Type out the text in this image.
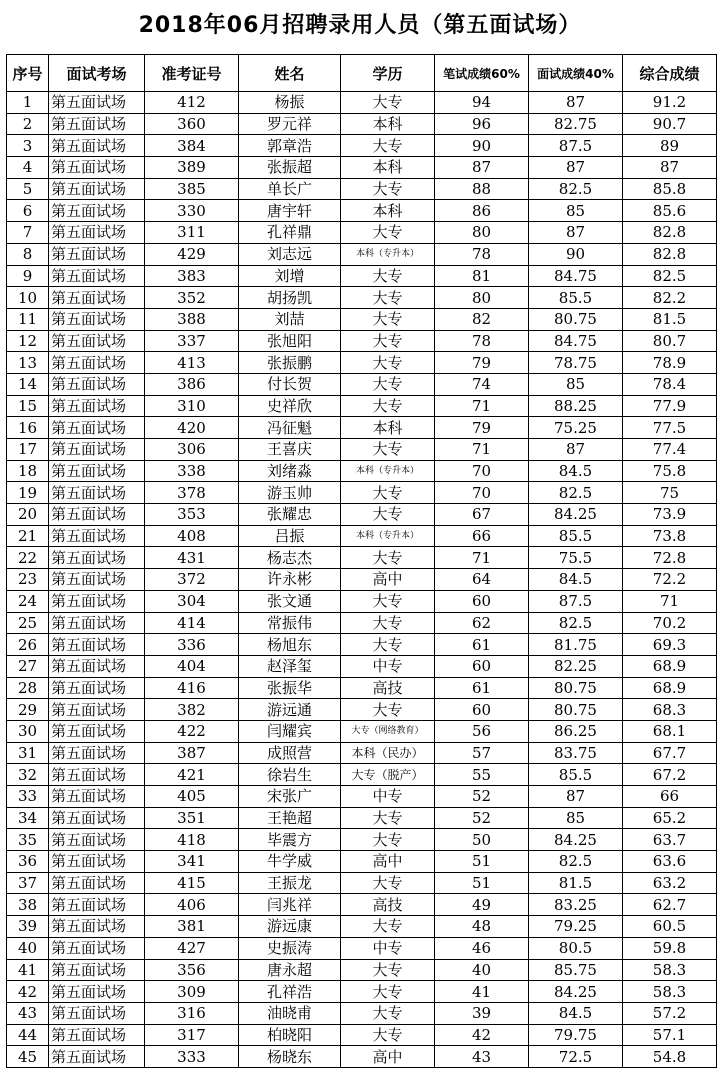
2018年06月招聘录用人员（第五面试场）
序号	面试考场	准考证号	姓名	学历	笔试成绩60%	面试成绩40%	综合成绩
1	第五面试场	412	杨振	大专	94	87	91.2
2	第五面试场	360	罗元祥	本科	96	82.75	90.7
3	第五面试场	384	郭章浩	大专	90	87.5	89
4	第五面试场	389	张振超	本科	87	87	87
5	第五面试场	385	单长广	大专	88	82.5	85.8
6	第五面试场	330	唐宇轩	本科	86	85	85.6
7	第五面试场	311	孔祥鼎	大专	80	87	82.8
8	第五面试场	429	刘志远	本科（专升本）	78	90	82.8
9	第五面试场	383	刘增	大专	81	84.75	82.5
10	第五面试场	352	胡扬凯	大专	80	85.5	82.2
11	第五面试场	388	刘喆	大专	82	80.75	81.5
12	第五面试场	337	张旭阳	大专	78	84.75	80.7
13	第五面试场	413	张振鹏	大专	79	78.75	78.9
14	第五面试场	386	付长贺	大专	74	85	78.4
15	第五面试场	310	史祥欣	大专	71	88.25	77.9
16	第五面试场	420	冯征魁	本科	79	75.25	77.5
17	第五面试场	306	王喜庆	大专	71	87	77.4
18	第五面试场	338	刘绪淼	本科（专升本）	70	84.5	75.8
19	第五面试场	378	游玉帅	大专	70	82.5	75
20	第五面试场	353	张耀忠	大专	67	84.25	73.9
21	第五面试场	408	吕振	本科（专升本）	66	85.5	73.8
22	第五面试场	431	杨志杰	大专	71	75.5	72.8
23	第五面试场	372	许永彬	高中	64	84.5	72.2
24	第五面试场	304	张文通	大专	60	87.5	71
25	第五面试场	414	常振伟	大专	62	82.5	70.2
26	第五面试场	336	杨旭东	大专	61	81.75	69.3
27	第五面试场	404	赵泽玺	中专	60	82.25	68.9
28	第五面试场	416	张振华	高技	61	80.75	68.9
29	第五面试场	382	游远通	大专	60	80.75	68.3
30	第五面试场	422	闫耀宾	大专（网络教育）	56	86.25	68.1
31	第五面试场	387	成照营	本科（民办）	57	83.75	67.7
32	第五面试场	421	徐岩生	大专（脱产）	55	85.5	67.2
33	第五面试场	405	宋张广	中专	52	87	66
34	第五面试场	351	王艳超	大专	52	85	65.2
35	第五面试场	418	毕震方	大专	50	84.25	63.7
36	第五面试场	341	牛学威	高中	51	82.5	63.6
37	第五面试场	415	王振龙	大专	51	81.5	63.2
38	第五面试场	406	闫兆祥	高技	49	83.25	62.7
39	第五面试场	381	游远康	大专	48	79.25	60.5
40	第五面试场	427	史振涛	中专	46	80.5	59.8
41	第五面试场	356	唐永超	大专	40	85.75	58.3
42	第五面试场	309	孔祥浩	大专	41	84.25	58.3
43	第五面试场	316	油晓甫	大专	39	84.5	57.2
44	第五面试场	317	柏晓阳	大专	42	79.75	57.1
45	第五面试场	333	杨晓东	高中	43	72.5	54.8
